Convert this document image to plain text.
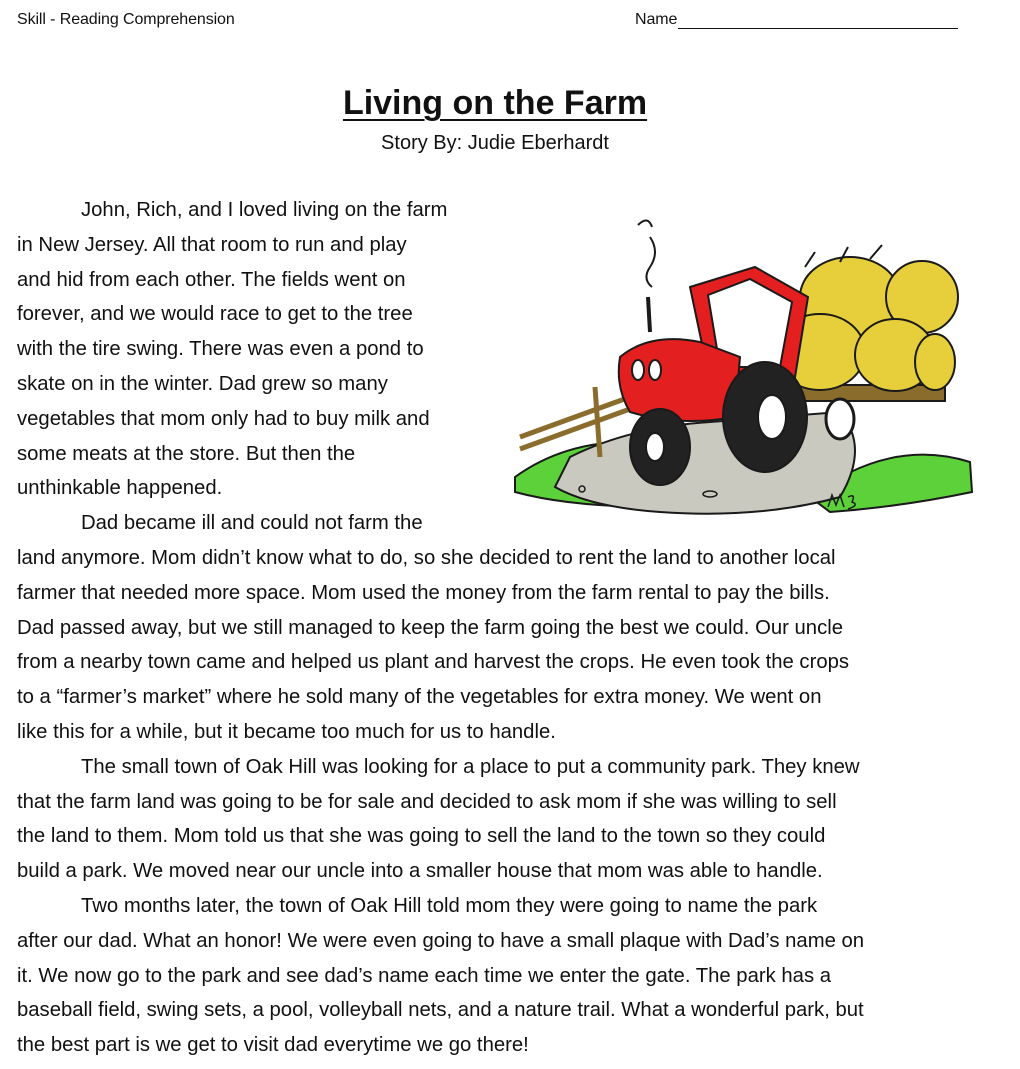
Skill - Reading Comprehension	Name
Living on the Farm
Story By: Judie Eberhardt

John, Rich, and I loved living on the farm
in New Jersey. All that room to run and play
and hid from each other. The fields went on
forever, and we would race to get to the tree
with the tire swing. There was even a pond to
skate on in the winter. Dad grew so many
vegetables that mom only had to buy milk and
some meats at the store. But then the
unthinkable happened.

Dad became ill and could not farm the
land anymore. Mom didn’t know what to do, so she decided to rent the land to another local
farmer that needed more space. Mom used the money from the farm rental to pay the bills.
Dad passed away, but we still managed to keep the farm going the best we could. Our uncle
from a nearby town came and helped us plant and harvest the crops. He even took the crops
to a “farmer’s market” where he sold many of the vegetables for extra money. We went on
like this for a while, but it became too much for us to handle.

The small town of Oak Hill was looking for a place to put a community park. They knew
that the farm land was going to be for sale and decided to ask mom if she was willing to sell
the land to them. Mom told us that she was going to sell the land to the town so they could
build a park. We moved near our uncle into a smaller house that mom was able to handle.

Two months later, the town of Oak Hill told mom they were going to name the park
after our dad. What an honor! We were even going to have a small plaque with Dad’s name on
it. We now go to the park and see dad’s name each time we enter the gate. The park has a
baseball field, swing sets, a pool, volleyball nets, and a nature trail. What a wonderful park, but
the best part is we get to visit dad everytime we go there!
